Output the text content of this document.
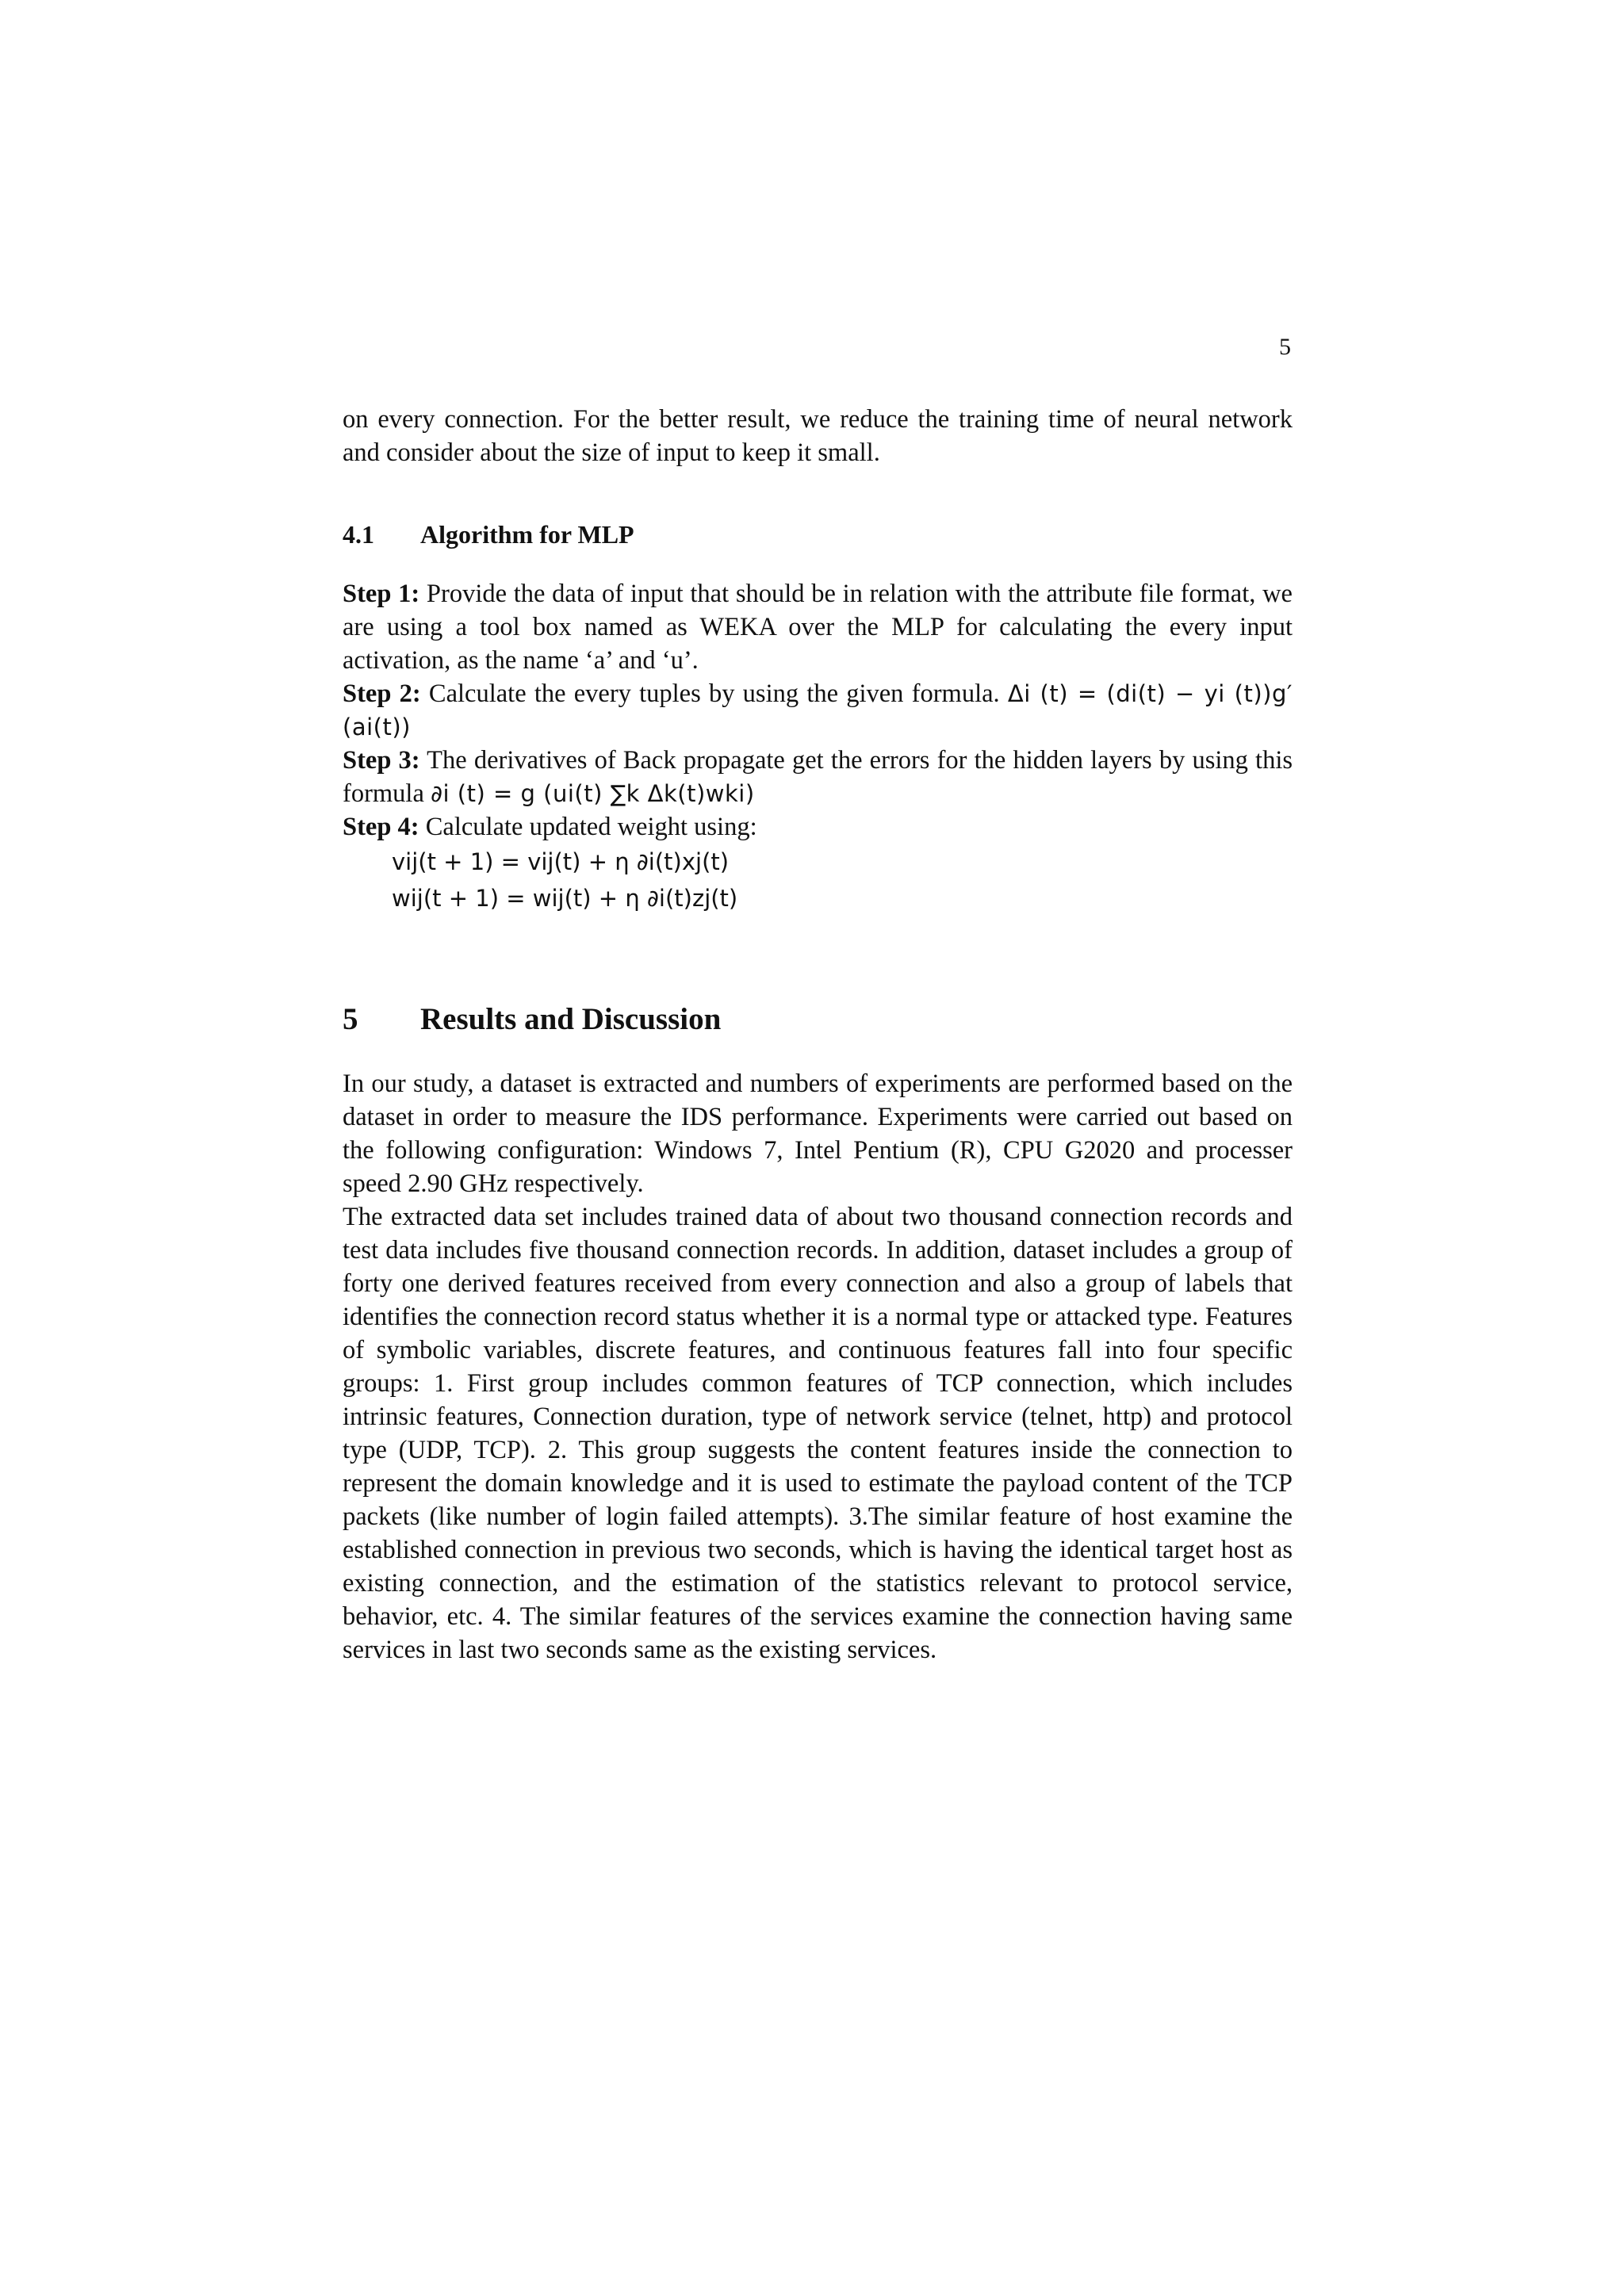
5

on every connection. For the better result, we reduce the training time of neural network and consider about the size of input to keep it small.

4.1 Algorithm for MLP

Step 1: Provide the data of input that should be in relation with the attribute file format, we are using a tool box named as WEKA over the MLP for calculating the every input activation, as the name ‘a’ and ‘u’.

Step 2: Calculate the every tuples by using the given formula. Δi (t) = (di(t) − yi (t))g′(ai(t))

Step 3: The derivatives of Back propagate get the errors for the hidden layers by using this formula ∂i (t) = g (ui(t) ∑k Δk(t)wki)

Step 4: Calculate updated weight using:

vij(t + 1) = vij(t) + η ∂i(t)xj(t)
wij(t + 1) = wij(t) + η ∂i(t)zj(t)
5 Results and Discussion

In our study, a dataset is extracted and numbers of experiments are performed based on the dataset in order to measure the IDS performance. Experiments were carried out based on the following configuration: Windows 7, Intel Pentium (R), CPU G2020 and processer speed 2.90 GHz respectively.

The extracted data set includes trained data of about two thousand connection records and test data includes five thousand connection records. In addition, dataset includes a group of forty one derived features received from every connection and also a group of labels that identifies the connection record status whether it is a normal type or attacked type. Features of symbolic variables, discrete features, and continuous features fall into four specific groups: 1. First group includes common features of TCP connection, which includes intrinsic features, Connection duration, type of network service (telnet, http) and protocol type (UDP, TCP). 2. This group suggests the content features inside the connection to represent the domain knowledge and it is used to estimate the payload content of the TCP packets (like number of login failed attempts). 3.The similar feature of host examine the established connection in previous two seconds, which is having the identical target host as existing connection, and the estimation of the statistics relevant to protocol service, behavior, etc. 4. The similar features of the services examine the connection having same services in last two seconds same as the existing services.
